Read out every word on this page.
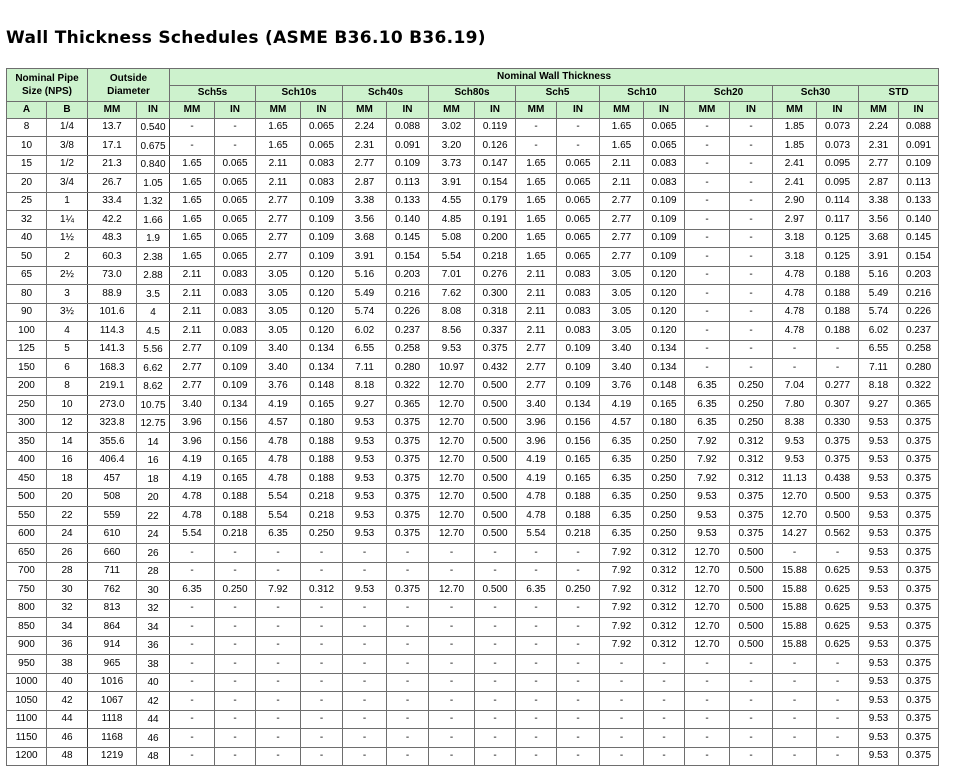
Wall Thickness Schedules (ASME B36.10 B36.19)
Nominal Pipe Size (NPS)		Outside Diameter		Nominal Wall Thickness																	
				Sch5s		Sch10s		Sch40s		Sch80s		Sch5		Sch10		Sch20		Sch30		STD	
A	B	MM	IN	MM	IN	MM	IN	MM	IN	MM	IN	MM	IN	MM	IN	MM	IN	MM	IN	MM	IN
8	1/4	13.7	0.540	-	-	1.65	0.065	2.24	0.088	3.02	0.119	-	-	1.65	0.065	-	-	1.85	0.073	2.24	0.088
10	3/8	17.1	0.675	-	-	1.65	0.065	2.31	0.091	3.20	0.126	-	-	1.65	0.065	-	-	1.85	0.073	2.31	0.091
15	1/2	21.3	0.840	1.65	0.065	2.11	0.083	2.77	0.109	3.73	0.147	1.65	0.065	2.11	0.083	-	-	2.41	0.095	2.77	0.109
20	3/4	26.7	1.05	1.65	0.065	2.11	0.083	2.87	0.113	3.91	0.154	1.65	0.065	2.11	0.083	-	-	2.41	0.095	2.87	0.113
25	1	33.4	1.32	1.65	0.065	2.77	0.109	3.38	0.133	4.55	0.179	1.65	0.065	2.77	0.109	-	-	2.90	0.114	3.38	0.133
32	1¼	42.2	1.66	1.65	0.065	2.77	0.109	3.56	0.140	4.85	0.191	1.65	0.065	2.77	0.109	-	-	2.97	0.117	3.56	0.140
40	1½	48.3	1.9	1.65	0.065	2.77	0.109	3.68	0.145	5.08	0.200	1.65	0.065	2.77	0.109	-	-	3.18	0.125	3.68	0.145
50	2	60.3	2.38	1.65	0.065	2.77	0.109	3.91	0.154	5.54	0.218	1.65	0.065	2.77	0.109	-	-	3.18	0.125	3.91	0.154
65	2½	73.0	2.88	2.11	0.083	3.05	0.120	5.16	0.203	7.01	0.276	2.11	0.083	3.05	0.120	-	-	4.78	0.188	5.16	0.203
80	3	88.9	3.5	2.11	0.083	3.05	0.120	5.49	0.216	7.62	0.300	2.11	0.083	3.05	0.120	-	-	4.78	0.188	5.49	0.216
90	3½	101.6	4	2.11	0.083	3.05	0.120	5.74	0.226	8.08	0.318	2.11	0.083	3.05	0.120	-	-	4.78	0.188	5.74	0.226
100	4	114.3	4.5	2.11	0.083	3.05	0.120	6.02	0.237	8.56	0.337	2.11	0.083	3.05	0.120	-	-	4.78	0.188	6.02	0.237
125	5	141.3	5.56	2.77	0.109	3.40	0.134	6.55	0.258	9.53	0.375	2.77	0.109	3.40	0.134	-	-	-	-	6.55	0.258
150	6	168.3	6.62	2.77	0.109	3.40	0.134	7.11	0.280	10.97	0.432	2.77	0.109	3.40	0.134	-	-	-	-	7.11	0.280
200	8	219.1	8.62	2.77	0.109	3.76	0.148	8.18	0.322	12.70	0.500	2.77	0.109	3.76	0.148	6.35	0.250	7.04	0.277	8.18	0.322
250	10	273.0	10.75	3.40	0.134	4.19	0.165	9.27	0.365	12.70	0.500	3.40	0.134	4.19	0.165	6.35	0.250	7.80	0.307	9.27	0.365
300	12	323.8	12.75	3.96	0.156	4.57	0.180	9.53	0.375	12.70	0.500	3.96	0.156	4.57	0.180	6.35	0.250	8.38	0.330	9.53	0.375
350	14	355.6	14	3.96	0.156	4.78	0.188	9.53	0.375	12.70	0.500	3.96	0.156	6.35	0.250	7.92	0.312	9.53	0.375	9.53	0.375
400	16	406.4	16	4.19	0.165	4.78	0.188	9.53	0.375	12.70	0.500	4.19	0.165	6.35	0.250	7.92	0.312	9.53	0.375	9.53	0.375
450	18	457	18	4.19	0.165	4.78	0.188	9.53	0.375	12.70	0.500	4.19	0.165	6.35	0.250	7.92	0.312	11.13	0.438	9.53	0.375
500	20	508	20	4.78	0.188	5.54	0.218	9.53	0.375	12.70	0.500	4.78	0.188	6.35	0.250	9.53	0.375	12.70	0.500	9.53	0.375
550	22	559	22	4.78	0.188	5.54	0.218	9.53	0.375	12.70	0.500	4.78	0.188	6.35	0.250	9.53	0.375	12.70	0.500	9.53	0.375
600	24	610	24	5.54	0.218	6.35	0.250	9.53	0.375	12.70	0.500	5.54	0.218	6.35	0.250	9.53	0.375	14.27	0.562	9.53	0.375
650	26	660	26	-	-	-	-	-	-	-	-	-	-	7.92	0.312	12.70	0.500	-	-	9.53	0.375
700	28	711	28	-	-	-	-	-	-	-	-	-	-	7.92	0.312	12.70	0.500	15.88	0.625	9.53	0.375
750	30	762	30	6.35	0.250	7.92	0.312	9.53	0.375	12.70	0.500	6.35	0.250	7.92	0.312	12.70	0.500	15.88	0.625	9.53	0.375
800	32	813	32	-	-	-	-	-	-	-	-	-	-	7.92	0.312	12.70	0.500	15.88	0.625	9.53	0.375
850	34	864	34	-	-	-	-	-	-	-	-	-	-	7.92	0.312	12.70	0.500	15.88	0.625	9.53	0.375
900	36	914	36	-	-	-	-	-	-	-	-	-	-	7.92	0.312	12.70	0.500	15.88	0.625	9.53	0.375
950	38	965	38	-	-	-	-	-	-	-	-	-	-	-	-	-	-	-	-	9.53	0.375
1000	40	1016	40	-	-	-	-	-	-	-	-	-	-	-	-	-	-	-	-	9.53	0.375
1050	42	1067	42	-	-	-	-	-	-	-	-	-	-	-	-	-	-	-	-	9.53	0.375
1100	44	1118	44	-	-	-	-	-	-	-	-	-	-	-	-	-	-	-	-	9.53	0.375
1150	46	1168	46	-	-	-	-	-	-	-	-	-	-	-	-	-	-	-	-	9.53	0.375
1200	48	1219	48	-	-	-	-	-	-	-	-	-	-	-	-	-	-	-	-	9.53	0.375
